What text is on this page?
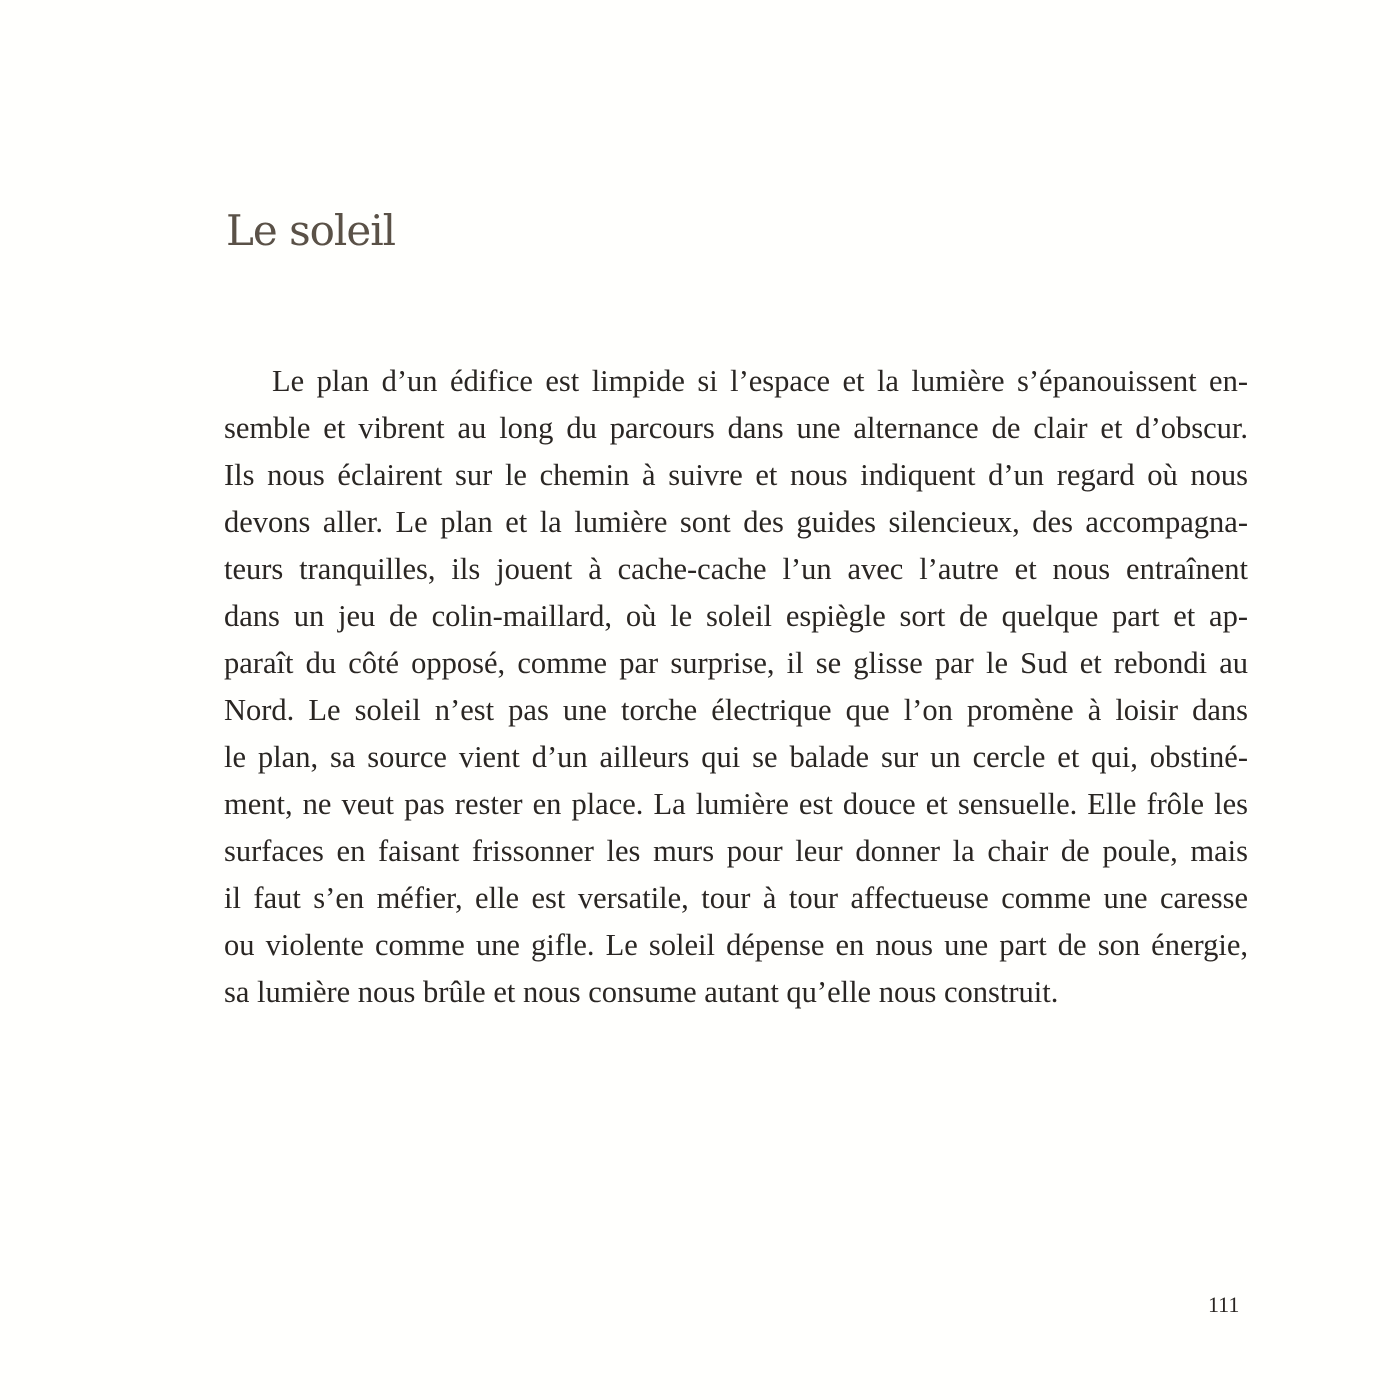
Le soleil
Le plan d’un édifice est limpide si l’espace et la lumière s’épanouissent en-
semble et vibrent au long du parcours dans une alternance de clair et d’obscur.
Ils nous éclairent sur le chemin à suivre et nous indiquent d’un regard où nous
devons aller. Le plan et la lumière sont des guides silencieux, des accompagna-
teurs tranquilles, ils jouent à cache-cache l’un avec l’autre et nous entraînent
dans un jeu de colin-maillard, où le soleil espiègle sort de quelque part et ap-
paraît du côté opposé, comme par surprise, il se glisse par le Sud et rebondi au
Nord. Le soleil n’est pas une torche électrique que l’on promène à loisir dans
le plan, sa source vient d’un ailleurs qui se balade sur un cercle et qui, obstiné-
ment, ne veut pas rester en place. La lumière est douce et sensuelle. Elle frôle les
surfaces en faisant frissonner les murs pour leur donner la chair de poule, mais
il faut s’en méfier, elle est versatile, tour à tour affectueuse comme une caresse
ou violente comme une gifle. Le soleil dépense en nous une part de son énergie,
sa lumière nous brûle et nous consume autant qu’elle nous construit.
111
